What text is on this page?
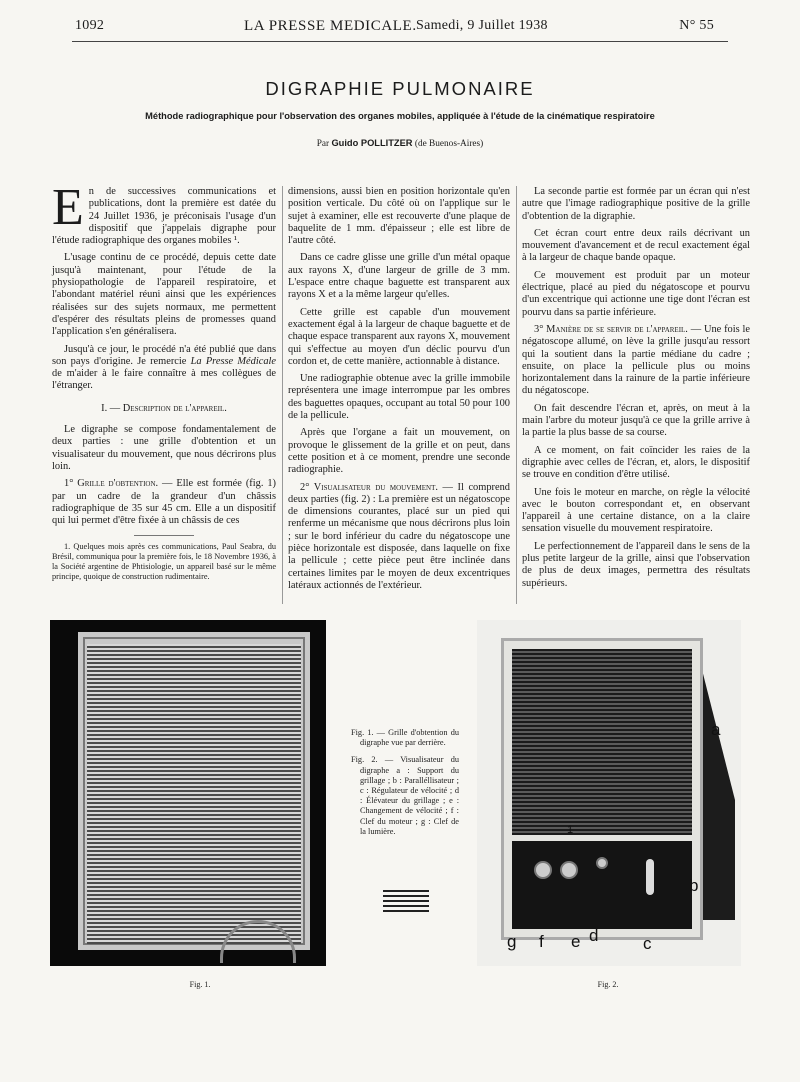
1092	LA PRESSE MEDICALE. Samedi, 9 Juillet 1938	N° 55
DIGRAPHIE PULMONAIRE
Méthode radiographique pour l'observation des organes mobiles, appliquée à l'étude de la cinématique respiratoire
Par Guido POLLITZER (de Buenos-Aires)

En de successives communications et publications, dont la première est datée du 24 Juillet 1936, je préconisais l'usage d'un dispositif que j'appelais digraphe pour l'étude radiographique des organes mobiles ¹.

L'usage continu de ce procédé, depuis cette date jusqu'à maintenant, pour l'étude de la physiopathologie de l'appareil respiratoire, et l'abondant matériel réuni ainsi que les expériences réalisées sur des sujets normaux, me permettent d'espérer des résultats pleins de promesses quand l'application s'en généralisera.

Jusqu'à ce jour, le procédé n'a été publié que dans son pays d'origine. Je remercie La Presse Médicale de m'aider à le faire connaître à mes collègues de l'étranger.

I. — Description de l'appareil.

Le digraphe se compose fondamentalement de deux parties : une grille d'obtention et un visualisateur du mouvement, que nous décrirons plus loin.

1° Grille d'obtention. — Elle est formée (fig. 1) par un cadre de la grandeur d'un châssis radiographique de 35 sur 45 cm. Elle a un dispositif qui lui permet d'être fixée à un châssis de ces

1. Quelques mois après ces communications, Paul Seabra, du Brésil, communiqua pour la première fois, le 18 Novembre 1936, à la Société argentine de Phtisiologie, un appareil basé sur le même principe, quoique de construction rudimentaire.

dimensions, aussi bien en position horizontale qu'en position verticale. Du côté où on l'applique sur le sujet à examiner, elle est recouverte d'une plaque de baquelite de 1 mm. d'épaisseur ; elle est libre de l'autre côté.

Dans ce cadre glisse une grille d'un métal opaque aux rayons X, d'une largeur de grille de 3 mm. L'espace entre chaque baguette est transparent aux rayons X et a la même largeur qu'elles.

Cette grille est capable d'un mouvement exactement égal à la largeur de chaque baguette et de chaque espace transparent aux rayons X, mouvement qui s'effectue au moyen d'un déclic pourvu d'un cordon et, de cette manière, actionnable à distance.

Une radiographie obtenue avec la grille immobile représentera une image interrompue par les ombres des baguettes opaques, occupant au total 50 pour 100 de la pellicule.

Après que l'organe a fait un mouvement, on provoque le glissement de la grille et on peut, dans cette position et à ce moment, prendre une seconde radiographie.

2° Visualisateur du mouvement. — Il comprend deux parties (fig. 2) : La première est un négatoscope de dimensions courantes, placé sur un pied qui renferme un mécanisme que nous décrirons plus loin ; sur le bord inférieur du cadre du négatoscope une pièce horizontale est disposée, dans laquelle on fixe la pellicule ; cette pièce peut être inclinée dans certaines limites par le moyen de deux excentriques latéraux actionnés de l'extérieur.

La seconde partie est formée par un écran qui n'est autre que l'image radiographique positive de la grille d'obtention de la digraphie.

Cet écran court entre deux rails décrivant un mouvement d'avancement et de recul exactement égal à la largeur de chaque bande opaque.

Ce mouvement est produit par un moteur électrique, placé au pied du négatoscope et pourvu d'un excentrique qui actionne une tige dont l'écran est pourvu dans sa partie inférieure.

3° Manière de se servir de l'appareil. — Une fois le négatoscope allumé, on lève la grille jusqu'au ressort qui la soutient dans la partie médiane du cadre ; ensuite, on place la pellicule plus ou moins horizontalement dans la rainure de la partie inférieure du négatoscope.

On fait descendre l'écran et, après, on meut à la main l'arbre du moteur jusqu'à ce que la grille arrive à la partie la plus basse de sa course.

A ce moment, on fait coïncider les raies de la digraphie avec celles de l'écran, et, alors, le dispositif se trouve en condition d'être utilisé.

Une fois le moteur en marche, on règle la vélocité avec le bouton correspondant et, en observant l'appareil à une certaine distance, on a la claire sensation visuelle du mouvement respiratoire.

Le perfectionnement de l'appareil dans le sens de la plus petite largeur de la grille, ainsi que l'observation de plus de deux images, permettra des résultats supérieurs.

Fig. 1. — Grille d'obtention du digraphe vue par derrière.

Fig. 2. — Visualisateur du digraphe a : Support du grillage ; b : Paralléllisateur ; c : Régulateur de vélocité ; d : Élévateur du grillage ; e : Changement de vélocité ; f : Clef du moteur ; g : Clef de la lumière.

a
b
c
d
e
f
g
1
Fig. 1.	Fig. 2.
